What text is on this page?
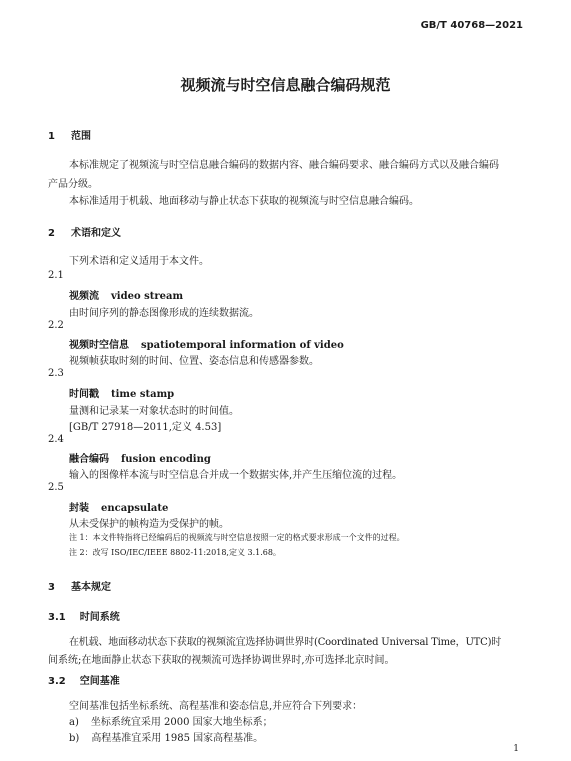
GB/T 40768—2021
视频流与时空信息融合编码规范
1 范围
本标准规定了视频流与时空信息融合编码的数据内容、融合编码要求、融合编码方式以及融合编码
产品分级。
本标准适用于机载、地面移动与静止状态下获取的视频流与时空信息融合编码。
2 术语和定义
下列术语和定义适用于本文件。
2.1
视频流 video stream
由时间序列的静态图像形成的连续数据流。
2.2
视频时空信息 spatiotemporal information of video
视频帧获取时刻的时间、位置、姿态信息和传感器参数。
2.3
时间戳 time stamp
量测和记录某一对象状态时的时间值。
[GB/T 27918—2011,定义 4.53]
2.4
融合编码 fusion encoding
输入的图像样本流与时空信息合并成一个数据实体,并产生压缩位流的过程。
2.5
封装 encapsulate
从未受保护的帧构造为受保护的帧。
注 1：本文件特指将已经编码后的视频流与时空信息按照一定的格式要求形成一个文件的过程。
注 2：改写 ISO/IEC/IEEE 8802-11:2018,定义 3.1.68。
3 基本规定
3.1 时间系统
在机载、地面移动状态下获取的视频流宜选择协调世界时(Coordinated Universal Time，UTC)时
间系统;在地面静止状态下获取的视频流可选择协调世界时,亦可选择北京时间。
3.2 空间基准
空间基准包括坐标系统、高程基准和姿态信息,并应符合下列要求：
a) 坐标系统宜采用 2000 国家大地坐标系；
b) 高程基准宜采用 1985 国家高程基准。
1
